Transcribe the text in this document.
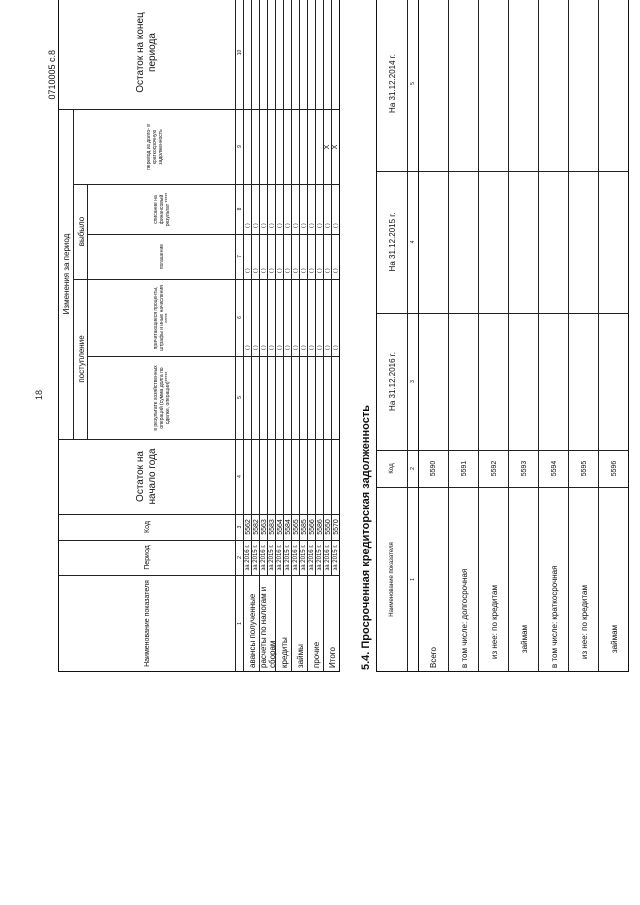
18
0710005 с.8
Наименование показателя
Период
Код
Остаток на начало года
Изменения за период
поступление
в результате хозяйственных операций (сумма долга по сделке, операции)*****
причитающиеся проценты, штрафы и иные начисления *****
выбыло
погашение
списание на финансовый результат *****
перевод из долго- в краткосрочную задолженность
Остаток на конец периода
1
2
3
4
5
6
7
8
9
10
авансы полученные
за 2016 г.
5562
за 2015 г.
5582
расчеты по налогам и сборам
за 2016 г.
5563
за 2015 г.
5583
кредиты
за 2016 г.
5564
за 2015 г.
5584
займы
за 2016 г.
5565
за 2015 г.
5585
прочие
за 2016 г.
5566
за 2015 г.
5586
Итого
за 2016 г.
5550
за 2015 г.
5570
( )
( )
( )
( )
( )
( )
( )
( )
( )
( )
( )
( )
( )
( )
( )
( )
( )
( )
( )
( )
( )
( )
( )
( )
( )
( )
( )
( )
( )
( )
( )
( )
( )
Х
( )
( )
( )
Х
5.4. Просроченная кредиторская задолженность	Наименование показателя
Код
На 31.12.2016 г.
На 31.12.2015 г.
На 31.12.2014 г.
1
2
3
4
5
Всего
5590
в том числе: долгосрочная
5591
из нее: по кредитам
5592
займам
5593
в том числе: краткосрочная
5594
из нее: по кредитам
5595
займам
5596
